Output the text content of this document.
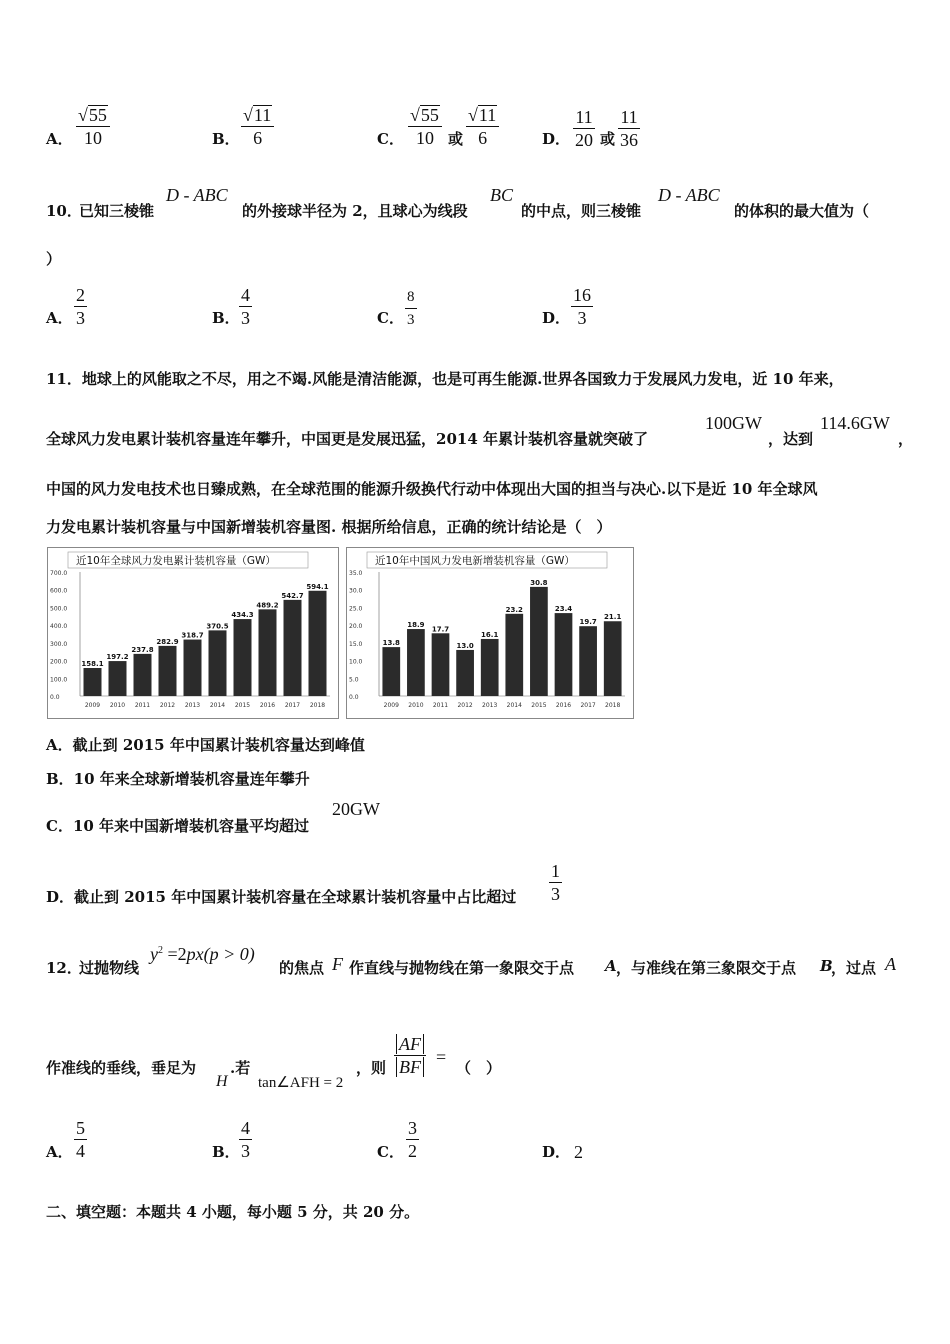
A． $\frac{√55}{10}$	B． $\frac{√11}{6}$	C． $\frac{√55}{10}$ 或 $\frac{√11}{6}$	D． $\frac{11}{20}$ 或 $\frac{11}{36}$
10．
已知三棱锥
D - ABC
的外接球半径为 2，且球心为线段
BC
的中点，则三棱锥
D - ABC
的体积的最大值为（
）
A． $\frac{2}{3}$	B． $\frac{4}{3}$	C． $\frac{8}{3}$	D． $\frac{16}{3}$
11．地球上的风能取之不尽，用之不竭.风能是清洁能源，也是可再生能源.世界各国致力于发展风力发电，近 10 年来，
全球风力发电累计装机容量连年攀升，中国更是发展迅猛，2014 年累计装机容量就突破了
100GW
，达到
114.6GW
，
中国的风力发电技术也日臻成熟，在全球范围的能源升级换代行动中体现出大国的担当与决心.以下是近 10 年全球风
力发电累计装机容量与中国新增装机容量图. 根据所给信息，正确的统计结论是（　）
近10年全球风力发电累计装机容量（GW）
0.0
100.0
200.0
300.0
400.0
500.0
600.0
700.0
158.1
2009
197.2
2010
237.8
2011
282.9
2012
318.7
2013
370.5
2014
434.3
2015
489.2
2016
542.7
2017
594.1
2018
近10年中国风力发电新增装机容量（GW）
0.0
5.0
10.0
15.0
20.0
25.0
30.0
35.0
13.8
2009
18.9
2010
17.7
2011
13.0
2012
16.1
2013
23.2
2014
30.8
2015
23.4
2016
19.7
2017
21.1
2018
A．截止到 2015 年中国累计装机容量达到峰值
B．10 年来全球新增装机容量连年攀升
C．10 年来中国新增装机容量平均超过
20GW
D．截止到 2015 年中国累计装机容量在全球累计装机容量中占比超过 $\frac{1}{3}$
12．
过抛物线
$y^2 =2px(p > 0)$
的焦点 F 作直线与抛物线在第一象限交于点 A ，与准线在第三象限交于点 B
，过点 A
作准线的垂线，垂足为
H
.若
tan∠AFH = 2
，则 $\frac{AF}{BF}$ =
（　）
A． $\frac{5}{4}$	B． $\frac{4}{3}$	C． $\frac{3}{2}$	D． 2
二、填空题：本题共 4 小题，每小题 5 分，共 20 分。
